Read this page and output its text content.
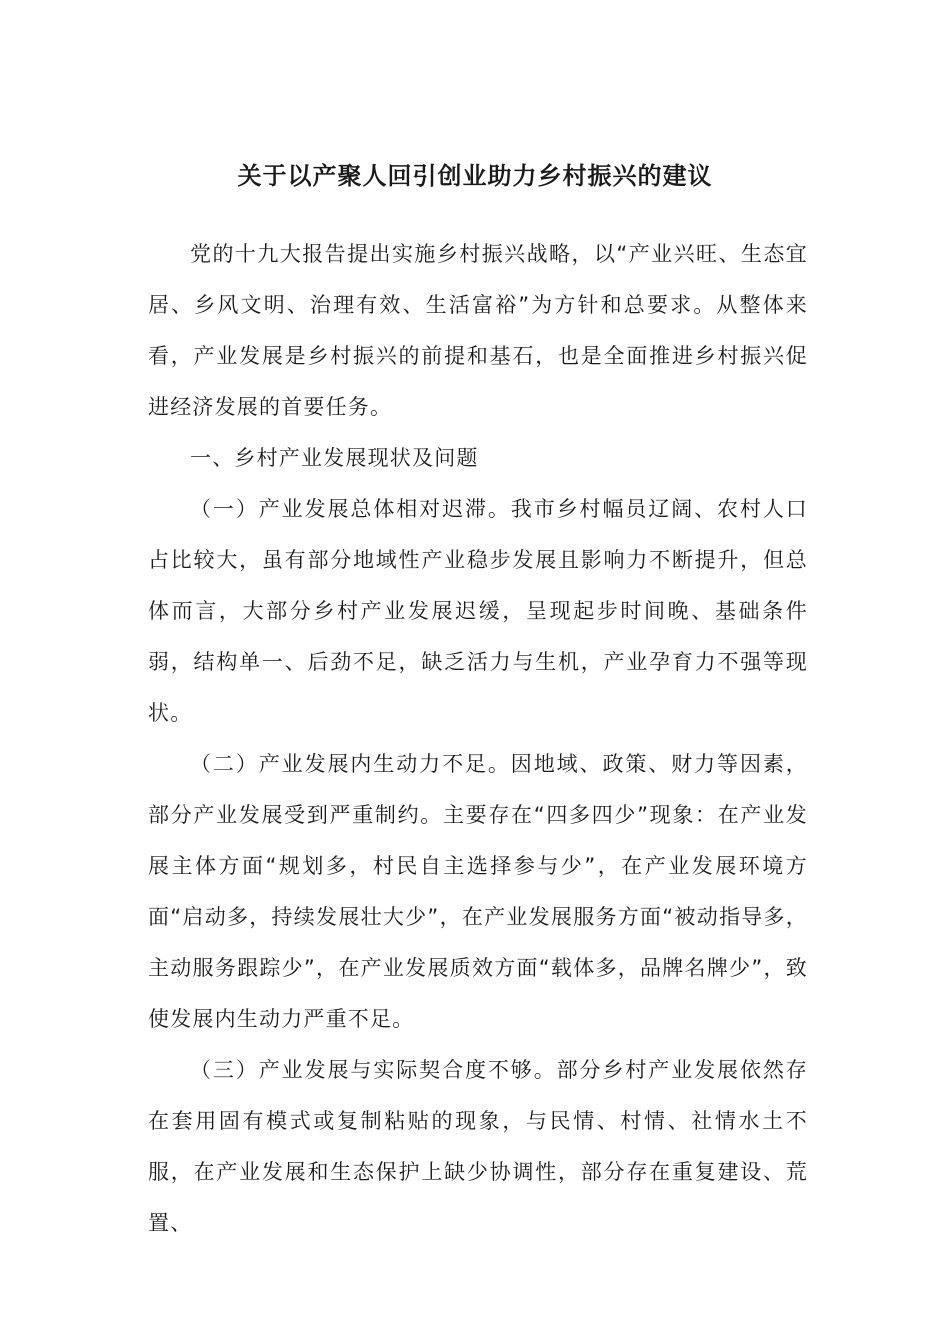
关于以产聚人回引创业助力乡村振兴的建议

党的十九大报告提出实施乡村振兴战略，以“产业兴旺、生态宜居、乡风文明、治理有效、生活富裕”为方针和总要求。从整体来看，产业发展是乡村振兴的前提和基石，也是全面推进乡村振兴促进经济发展的首要任务。

一、乡村产业发展现状及问题

（一）产业发展总体相对迟滞。我市乡村幅员辽阔、农村人口占比较大，虽有部分地域性产业稳步发展且影响力不断提升，但总体而言，大部分乡村产业发展迟缓，呈现起步时间晚、基础条件弱，结构单一、后劲不足，缺乏活力与生机，产业孕育力不强等现状。

（二）产业发展内生动力不足。因地域、政策、财力等因素，部分产业发展受到严重制约。主要存在“四多四少”现象：在产业发展主体方面“规划多，村民自主选择参与少”，在产业发展环境方面“启动多，持续发展壮大少”，在产业发展服务方面“被动指导多，主动服务跟踪少”，在产业发展质效方面“载体多，品牌名牌少”，致使发展内生动力严重不足。

（三）产业发展与实际契合度不够。部分乡村产业发展依然存在套用固有模式或复制粘贴的现象，与民情、村情、社情水土不服，在产业发展和生态保护上缺少协调性，部分存在重复建设、荒置、
